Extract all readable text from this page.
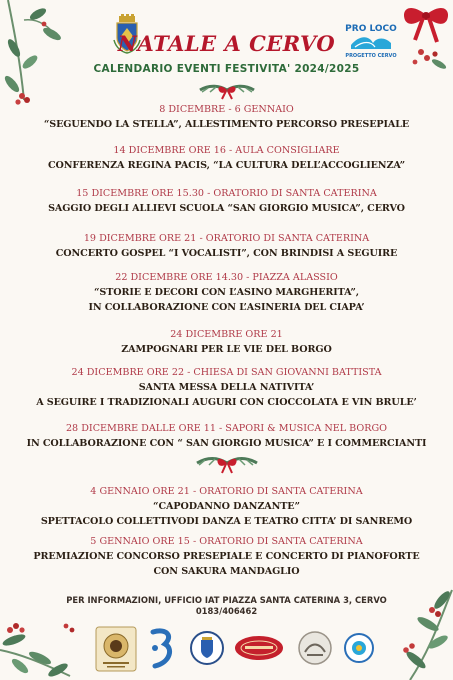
PRO LOCO
PROGETTO CERVO
NATALE A CERVO
CALENDARIO EVENTI FESTIVITA' 2024/2025
8 DICEMBRE - 6 GENNAIO
“SEGUENDO LA STELLA”, ALLESTIMENTO PERCORSO PRESEPIALE
14 DICEMBRE ORE 16 - AULA CONSIGLIARE
CONFERENZA REGINA PACIS, “LA CULTURA DELL’ACCOGLIENZA”
15 DICEMBRE ORE 15.30 - ORATORIO DI SANTA CATERINA
SAGGIO DEGLI ALLIEVI SCUOLA “SAN GIORGIO MUSICA”, CERVO
19 DICEMBRE ORE 21 - ORATORIO DI SANTA CATERINA
CONCERTO GOSPEL “I VOCALISTI”, CON BRINDISI A SEGUIRE
22 DICEMBRE ORE 14.30 - PIAZZA ALASSIO
“STORIE E DECORI CON L’ASINO MARGHERITA”,
IN COLLABORAZIONE CON L’ASINERIA DEL CIAPA’
24 DICEMBRE ORE 21
ZAMPOGNARI PER LE VIE DEL BORGO
24 DICEMBRE ORE 22 - CHIESA DI SAN GIOVANNI BATTISTA
SANTA MESSA DELLA NATIVITA’
A SEGUIRE I TRADIZIONALI AUGURI CON CIOCCOLATA E VIN BRULE’
28 DICEMBRE DALLE ORE 11 - SAPORI & MUSICA NEL BORGO
IN COLLABORAZIONE CON “ SAN GIORGIO MUSICA” E I COMMERCIANTI
4 GENNAIO ORE 21 - ORATORIO DI SANTA CATERINA
“CAPODANNO DANZANTE”
SPETTACOLO COLLETTIVODI DANZA E TEATRO CITTA’ DI SANREMO
5 GENNAIO ORE 15 - ORATORIO DI SANTA CATERINA
PREMIAZIONE CONCORSO PRESEPIALE E CONCERTO DI PIANOFORTE
CON SAKURA MANDAGLIO
PER INFORMAZIONI, UFFICIO IAT PIAZZA SANTA CATERINA 3, CERVO
0183/406462
